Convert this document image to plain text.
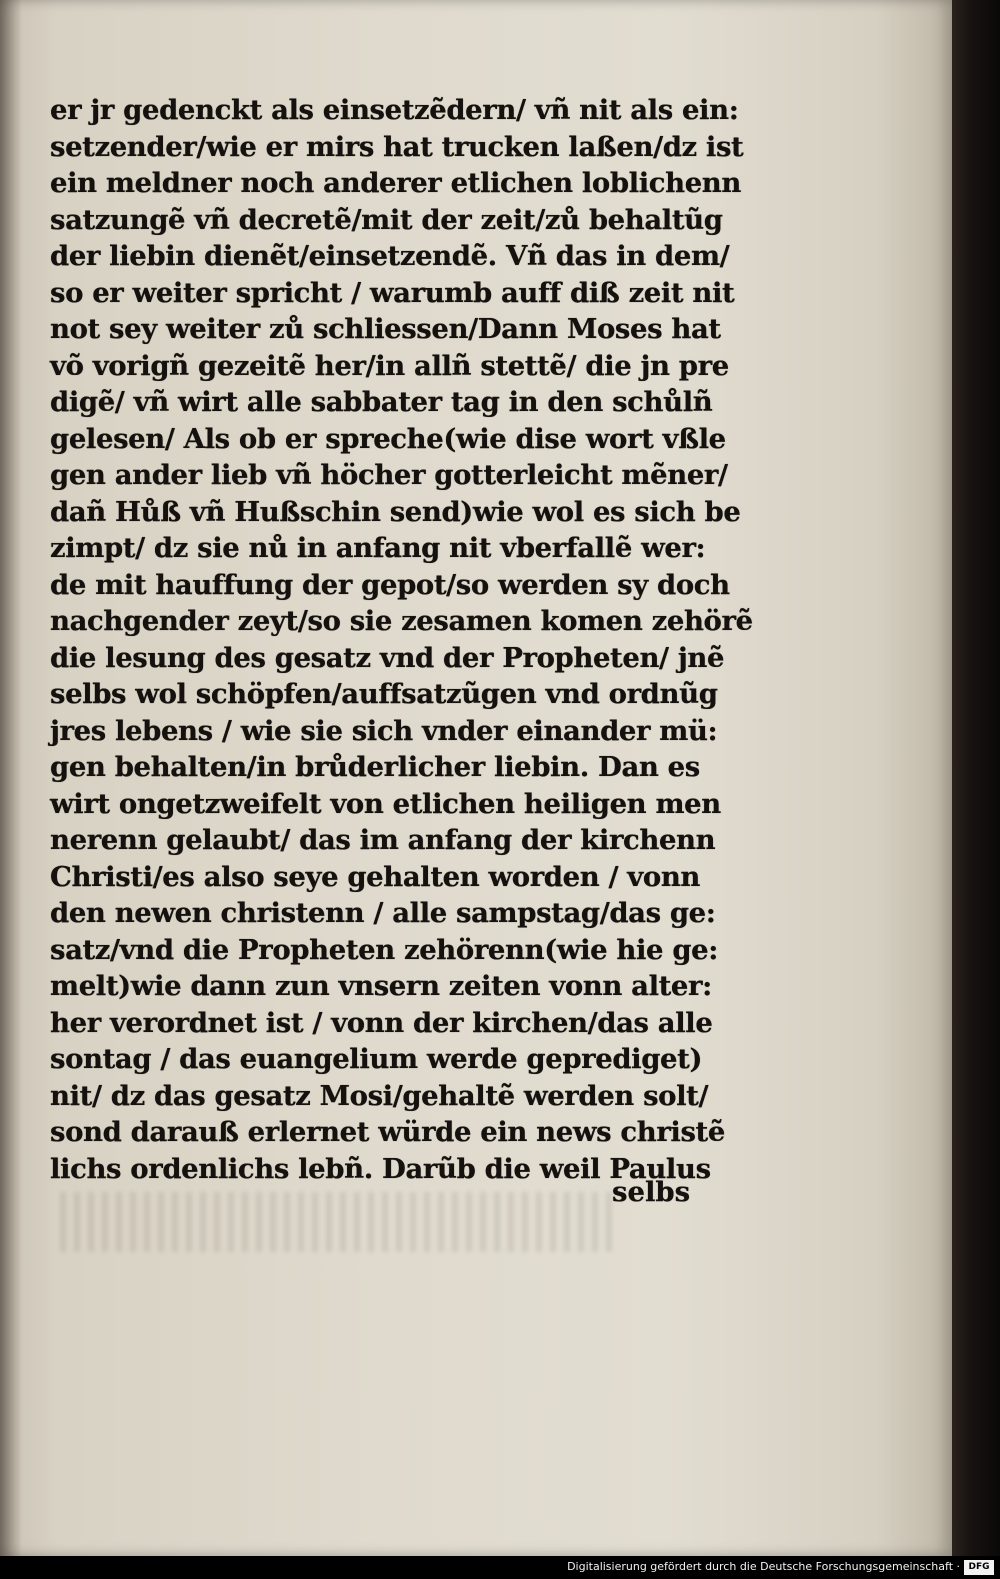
er jr gedenckt als einsetzẽdern/ vñ nit als ein:
setzender/wie er mirs hat trucken laßen/dz ist
ein meldner noch anderer etlichen loblichenn
satzungẽ vñ decretẽ/mit der zeit/zů behaltũg
der liebin dienẽt/einsetzendẽ. Vñ das in dem/
so er weiter spricht / warumb auff diß zeit nit
not sey weiter zů schliessen/Dann Moses hat
võ vorigñ gezeitẽ her/in allñ stettẽ/ die jn pre
digẽ/ vñ wirt alle sabbater tag in den schůlñ
gelesen/ Als ob er spreche(wie dise wort vßle
gen ander lieb vñ höcher gotterleicht mẽner/
dañ Hůß vñ Hußschin send)wie wol es sich be
zimpt/ dz sie nů in anfang nit vberfallẽ wer:
de mit hauffung der gepot/so werden sy doch
nachgender zeyt/so sie zesamen komen zehörẽ
die lesung des gesatz vnd der Propheten/ jnẽ
selbs wol schöpfen/auffsatzũgen vnd ordnũg
jres lebens / wie sie sich vnder einander mü:
gen behalten/in brůderlicher liebin. Dan es
wirt ongetzweifelt von etlichen heiligen men
nerenn gelaubt/ das im anfang der kirchenn
Christi/es also seye gehalten worden / vonn
den newen christenn / alle sampstag/das ge:
satz/vnd die Propheten zehörenn(wie hie ge:
melt)wie dann zun vnsern zeiten vonn alter:
her verordnet ist / vonn der kirchen/das alle
sontag / das euangelium werde geprediget)
nit/ dz das gesatz Mosi/gehaltẽ werden solt/
sond darauß erlernet würde ein news christẽ
lichs ordenlichs lebñ. Darũb die weil Paulus
selbs
Digitalisierung gefördert durch die Deutsche Forschungsgemeinschaft · DFG
